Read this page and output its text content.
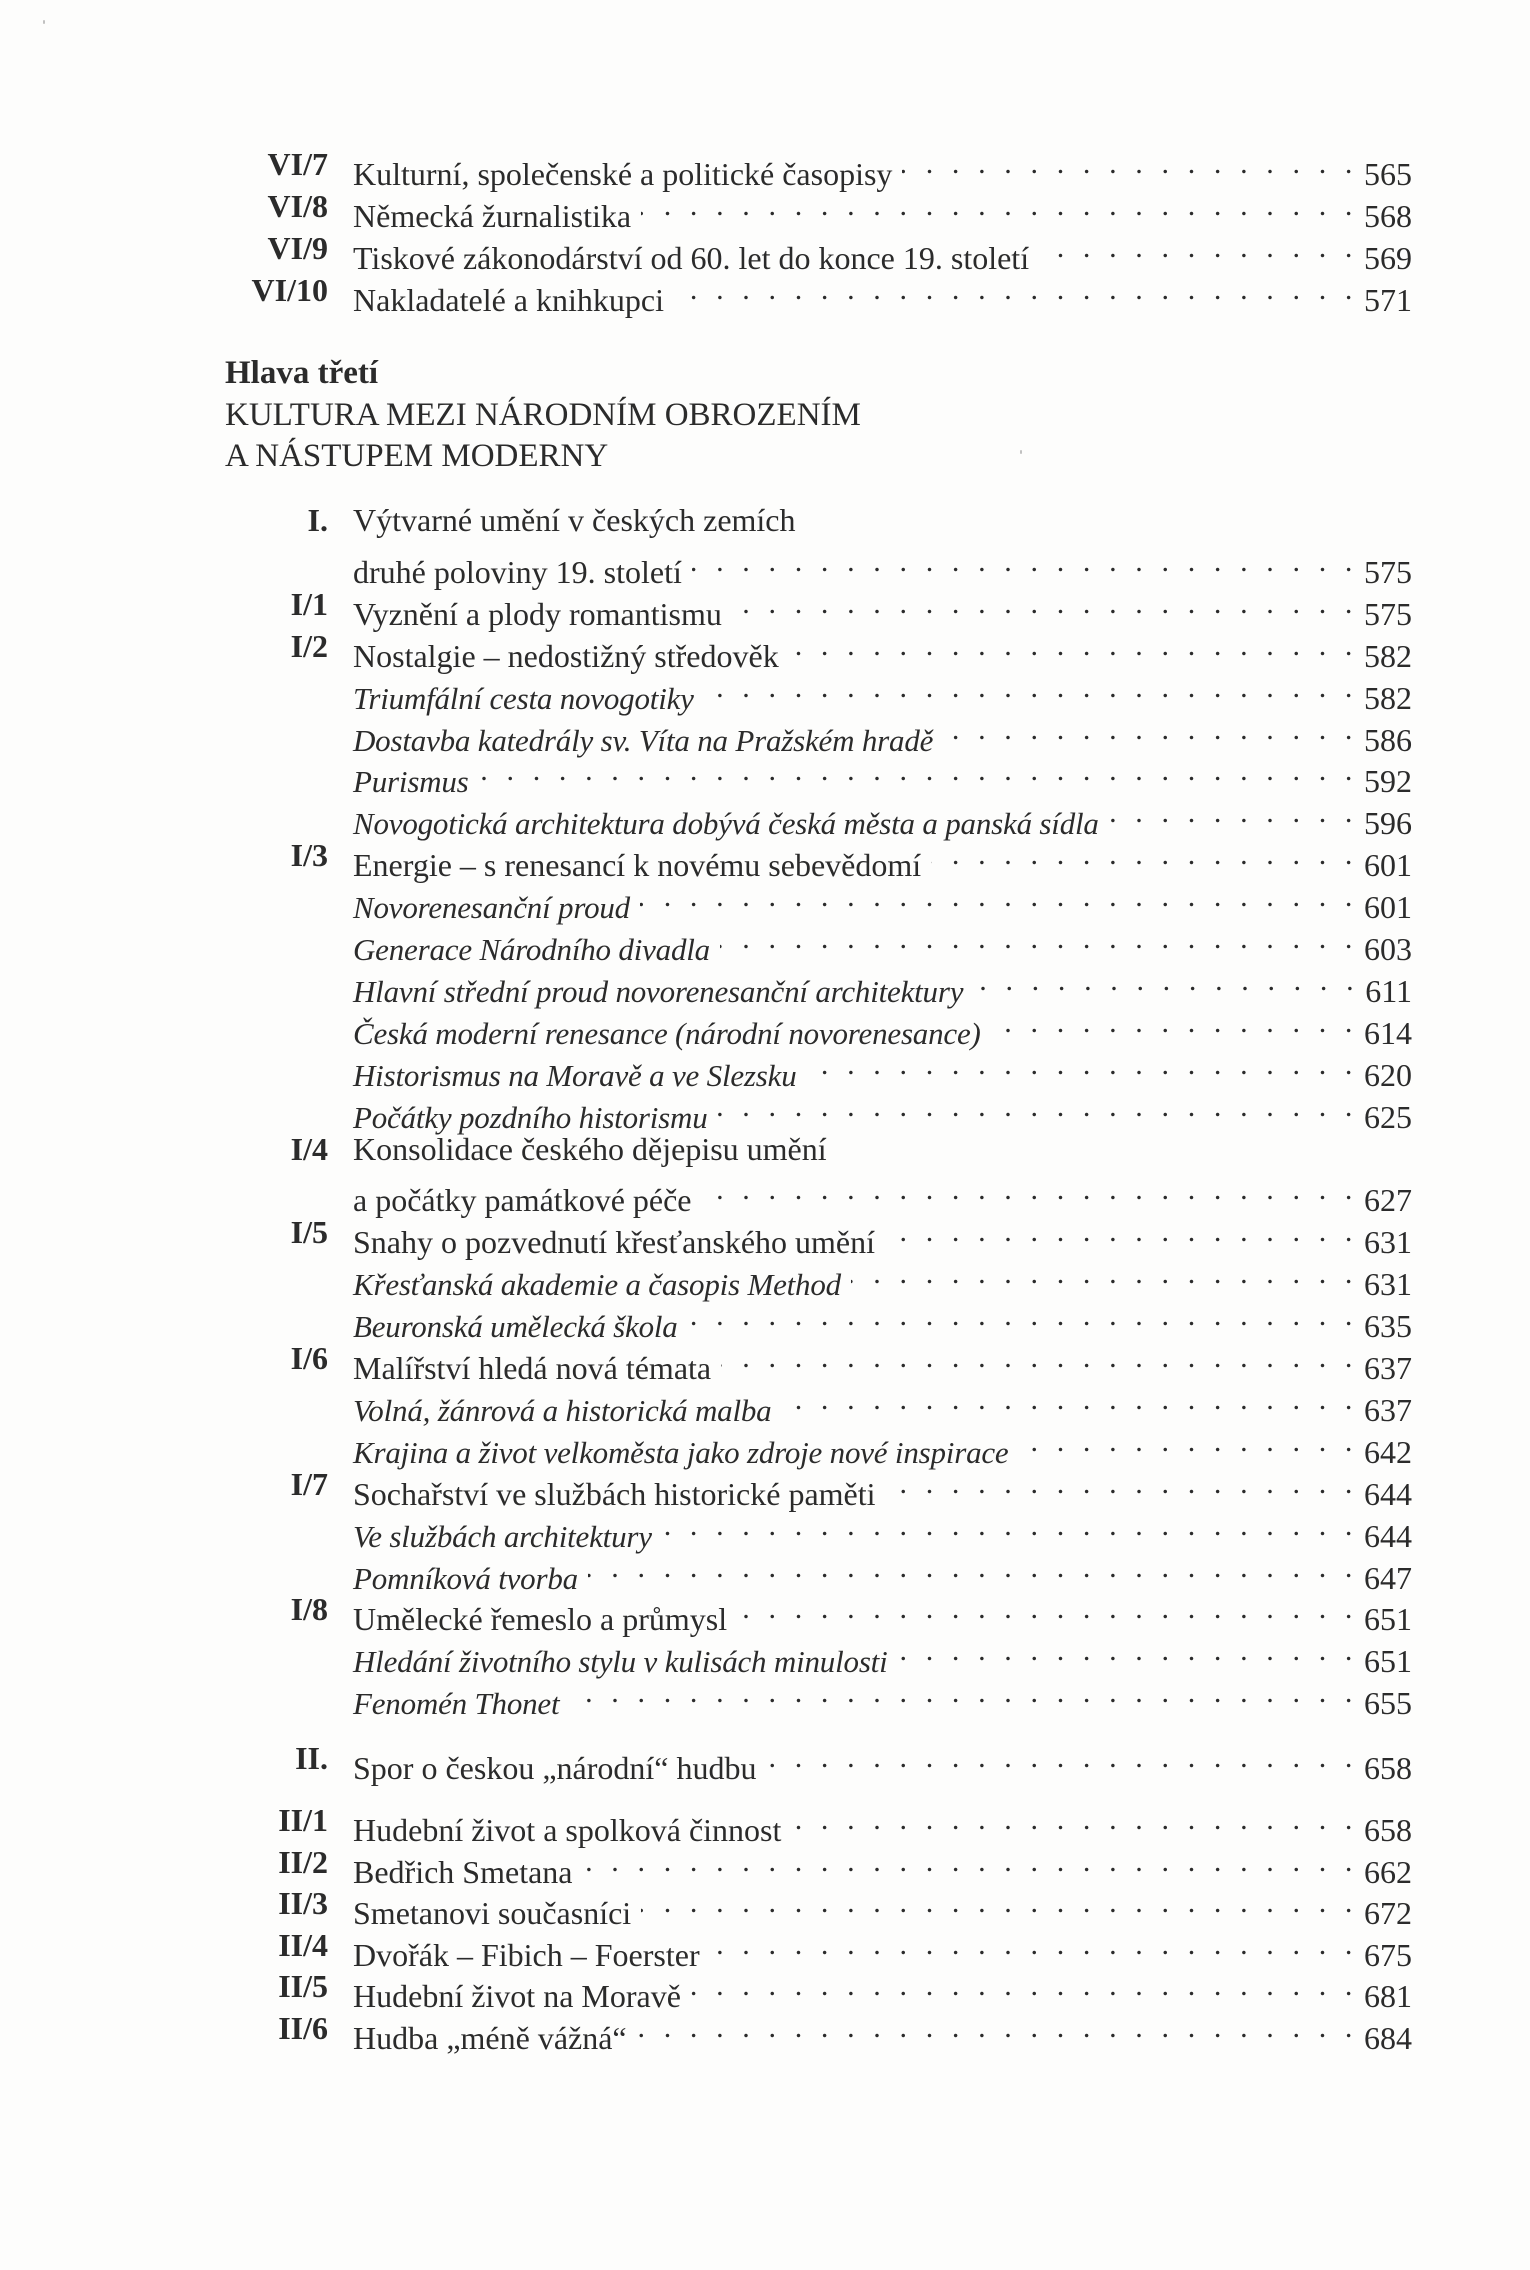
VI/7 Kulturní, společenské a politické časopisy . . .	565
VI/8 Německá žurnalistika . . .	568
VI/9 Tiskové zákonodárství od 60. let do konce 19. století . . .	569
VI/10 Nakladatelé a knihkupci . . .	571
I. Výtvarné umění v českých zemích
druhé poloviny 19. století . . .	575
I/1 Vyznění a plody romantismu . . .	575
I/2 Nostalgie – nedostižný středověk . . .	582
Triumfální cesta novogotiky . . .	582
Dostavba katedrály sv. Víta na Pražském hradě . . .	586
Purismus . . .	592
Novogotická architektura dobývá česká města a panská sídla . . .	596
I/3 Energie – s renesancí k novému sebevědomí . . .	601
Novorenesanční proud . . .	601
Generace Národního divadla . . .	603
Hlavní střední proud novorenesanční architektury . . .	611
Česká moderní renesance (národní novorenesance) . . .	614
Historismus na Moravě a ve Slezsku . . .	620
Počátky pozdního historismu . . .	625
I/4 Konsolidace českého dějepisu umění
a počátky památkové péče . . .	627
I/5 Snahy o pozvednutí křesťanského umění . . .	631
Křesťanská akademie a časopis Method . . .	631
Beuronská umělecká škola . . .	635
I/6 Malířství hledá nová témata . . .	637
Volná, žánrová a historická malba . . .	637
Krajina a život velkoměsta jako zdroje nové inspirace . . .	642
I/7 Sochařství ve službách historické paměti . . .	644
Ve službách architektury . . .	644
Pomníková tvorba . . .	647
I/8 Umělecké řemeslo a průmysl . . .	651
Hledání životního stylu v kulisách minulosti . . .	651
Fenomén Thonet . . .	655
II. Spor o českou „národní“ hudbu . . .	658
II/1 Hudební život a spolková činnost . . .	658
II/2 Bedřich Smetana . . .	662
II/3 Smetanovi současníci . . .	672
II/4 Dvořák – Fibich – Foerster . . .	675
II/5 Hudební život na Moravě . . .	681
II/6 Hudba „méně vážná“ . . .	684
Hlava třetí
KULTURA MEZI NÁRODNÍM OBROZENÍM
A NÁSTUPEM MODERNY
